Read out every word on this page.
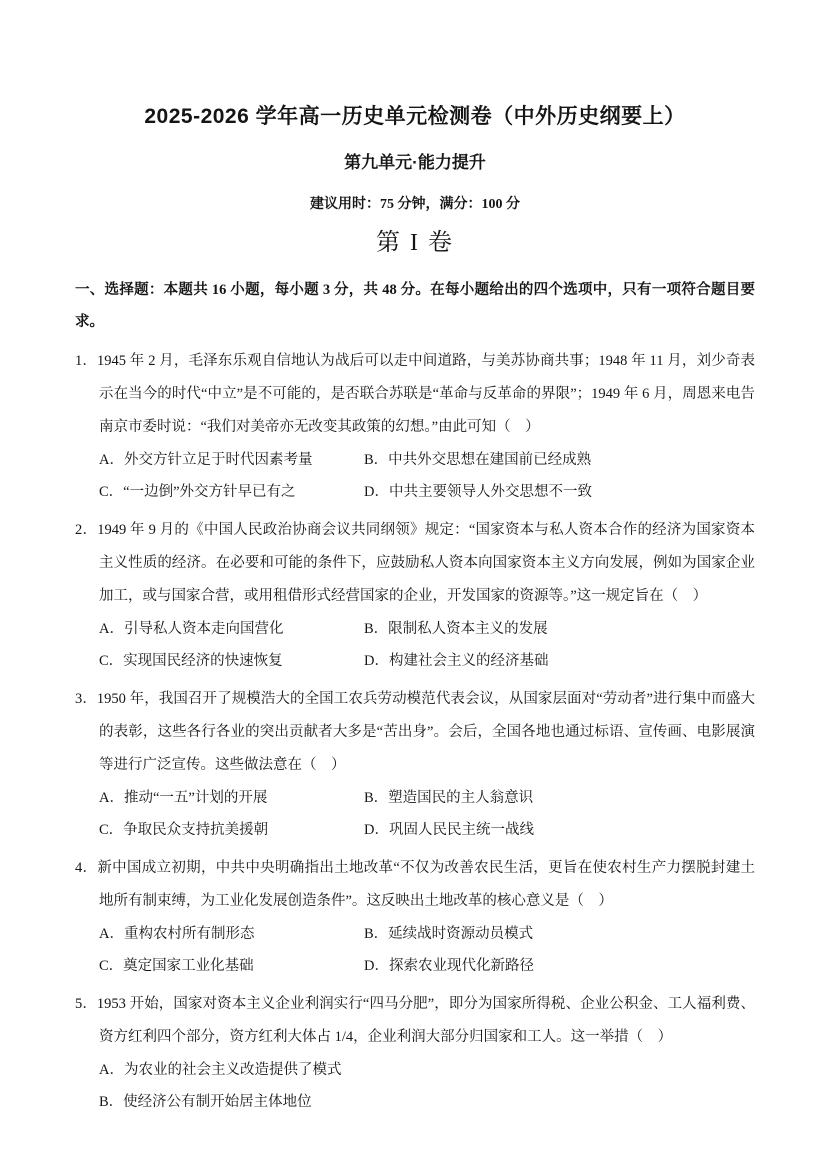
2025-2026 学年高一历史单元检测卷（中外历史纲要上）
第九单元·能力提升
建议用时：75 分钟，满分：100 分
第 I 卷

一、选择题：本题共 16 小题，每小题 3 分，共 48 分。在每小题给出的四个选项中，只有一项符合题目要求。

1．1945 年 2 月，毛泽东乐观自信地认为战后可以走中间道路，与美苏协商共事；1948 年 11 月，刘少奇表示在当今的时代“中立”是不可能的，是否联合苏联是“革命与反革命的界限”；1949 年 6 月，周恩来电告南京市委时说：“我们对美帝亦无改变其政策的幻想。”由此可知（　）

A．外交方针立足于时代因素考量	B．中共外交思想在建国前已经成熟
C．“一边倒”外交方针早已有之	D．中共主要领导人外交思想不一致

2．1949 年 9 月的《中国人民政治协商会议共同纲领》规定：“国家资本与私人资本合作的经济为国家资本主义性质的经济。在必要和可能的条件下，应鼓励私人资本向国家资本主义方向发展，例如为国家企业加工，或与国家合营，或用租借形式经营国家的企业，开发国家的资源等。”这一规定旨在（　）

A．引导私人资本走向国营化	B．限制私人资本主义的发展
C．实现国民经济的快速恢复	D．构建社会主义的经济基础

3．1950 年，我国召开了规模浩大的全国工农兵劳动模范代表会议，从国家层面对“劳动者”进行集中而盛大的表彰，这些各行各业的突出贡献者大多是“苦出身”。会后，全国各地也通过标语、宣传画、电影展演等进行广泛宣传。这些做法意在（　）

A．推动“一五”计划的开展	B．塑造国民的主人翁意识
C．争取民众支持抗美援朝	D．巩固人民民主统一战线

4．新中国成立初期，中共中央明确指出土地改革“不仅为改善农民生活，更旨在使农村生产力摆脱封建土地所有制束缚，为工业化发展创造条件”。这反映出土地改革的核心意义是（　）

A．重构农村所有制形态	B．延续战时资源动员模式
C．奠定国家工业化基础	D．探索农业现代化新路径

5．1953 开始，国家对资本主义企业利润实行“四马分肥”，即分为国家所得税、企业公积金、工人福利费、资方红利四个部分，资方红利大体占 1/4，企业利润大部分归国家和工人。这一举措（　）

A．为农业的社会主义改造提供了模式
B．使经济公有制开始居主体地位
